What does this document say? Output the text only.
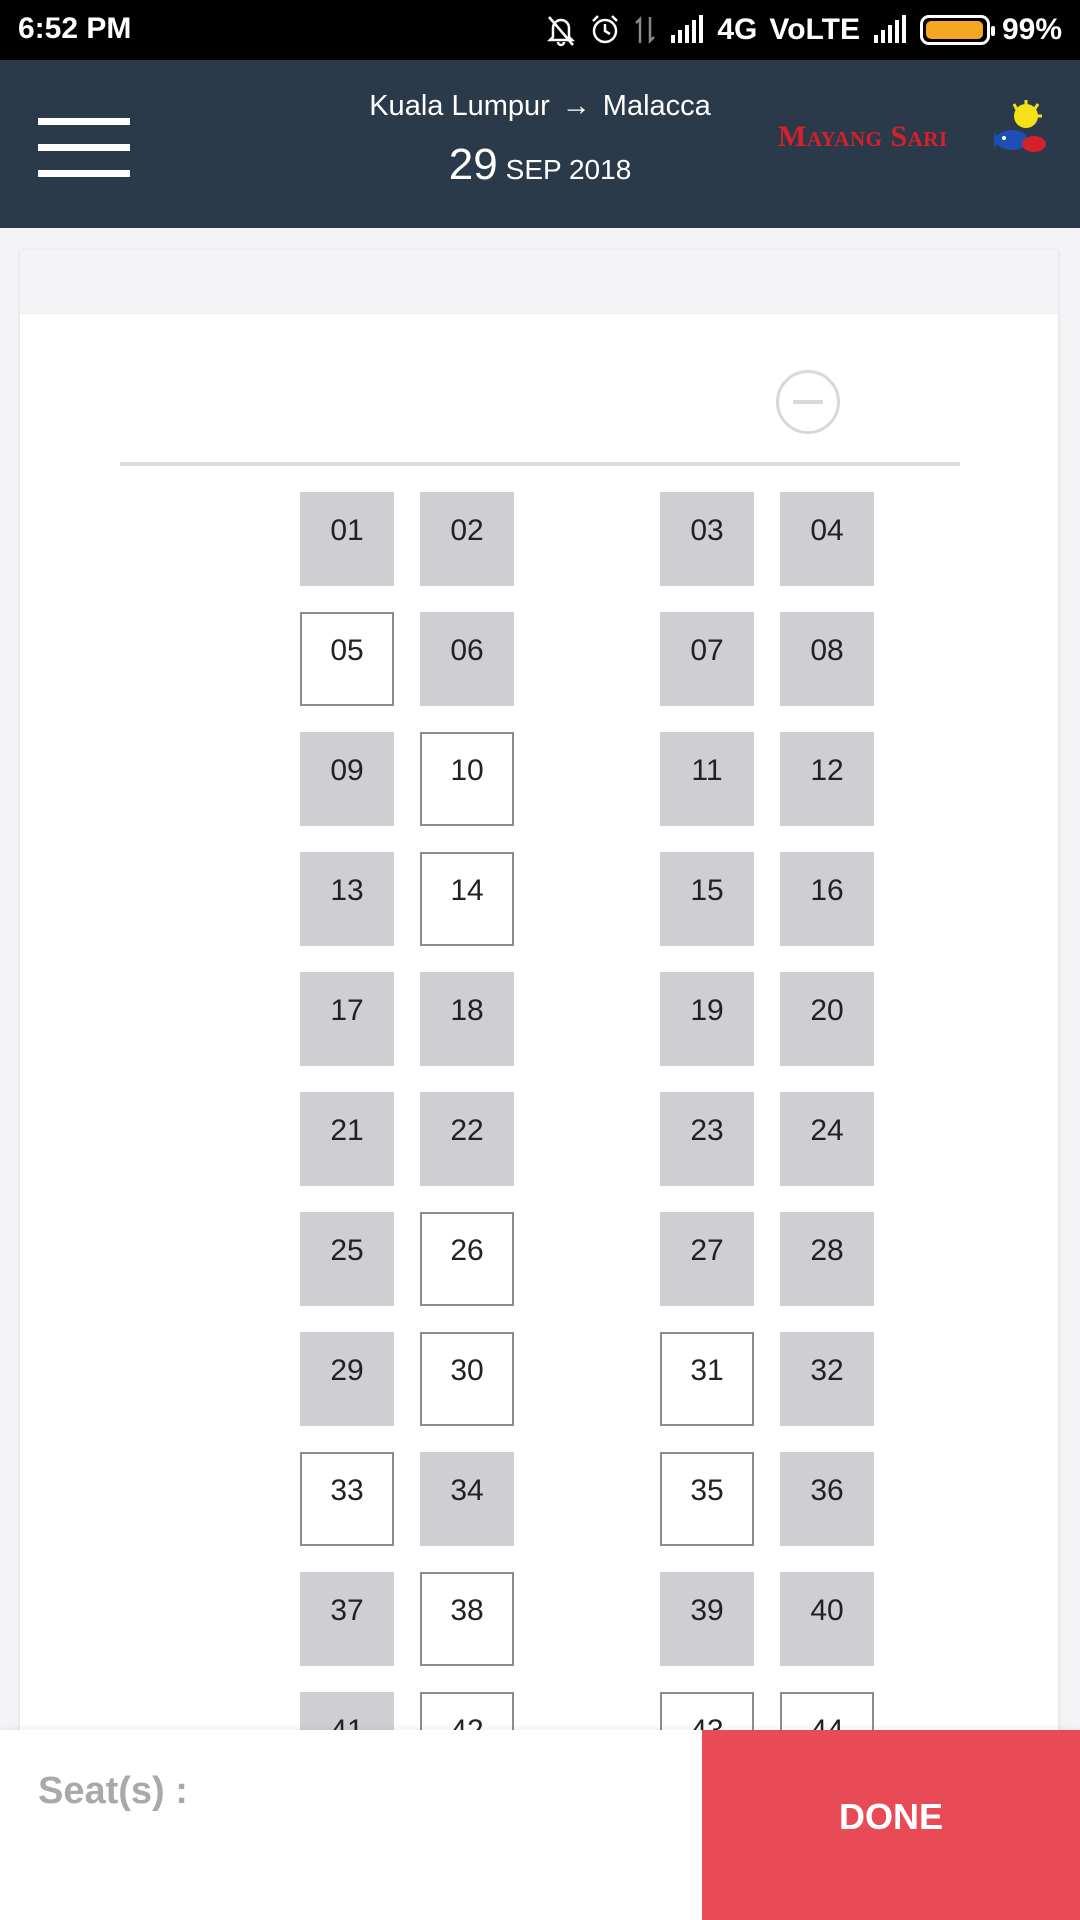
6:52 PM	4G VoLTE	99%
Kuala Lumpur → Malacca
29 SEP 2018
Mayang Sari
01	02	03	04
05	06	07	08
09	10	11	12
13	14	15	16
17	18	19	20
21	22	23	24
25	26	27	28
29	30	31	32
33	34	35	36
37	38	39	40
Seat(s) :
DONE
